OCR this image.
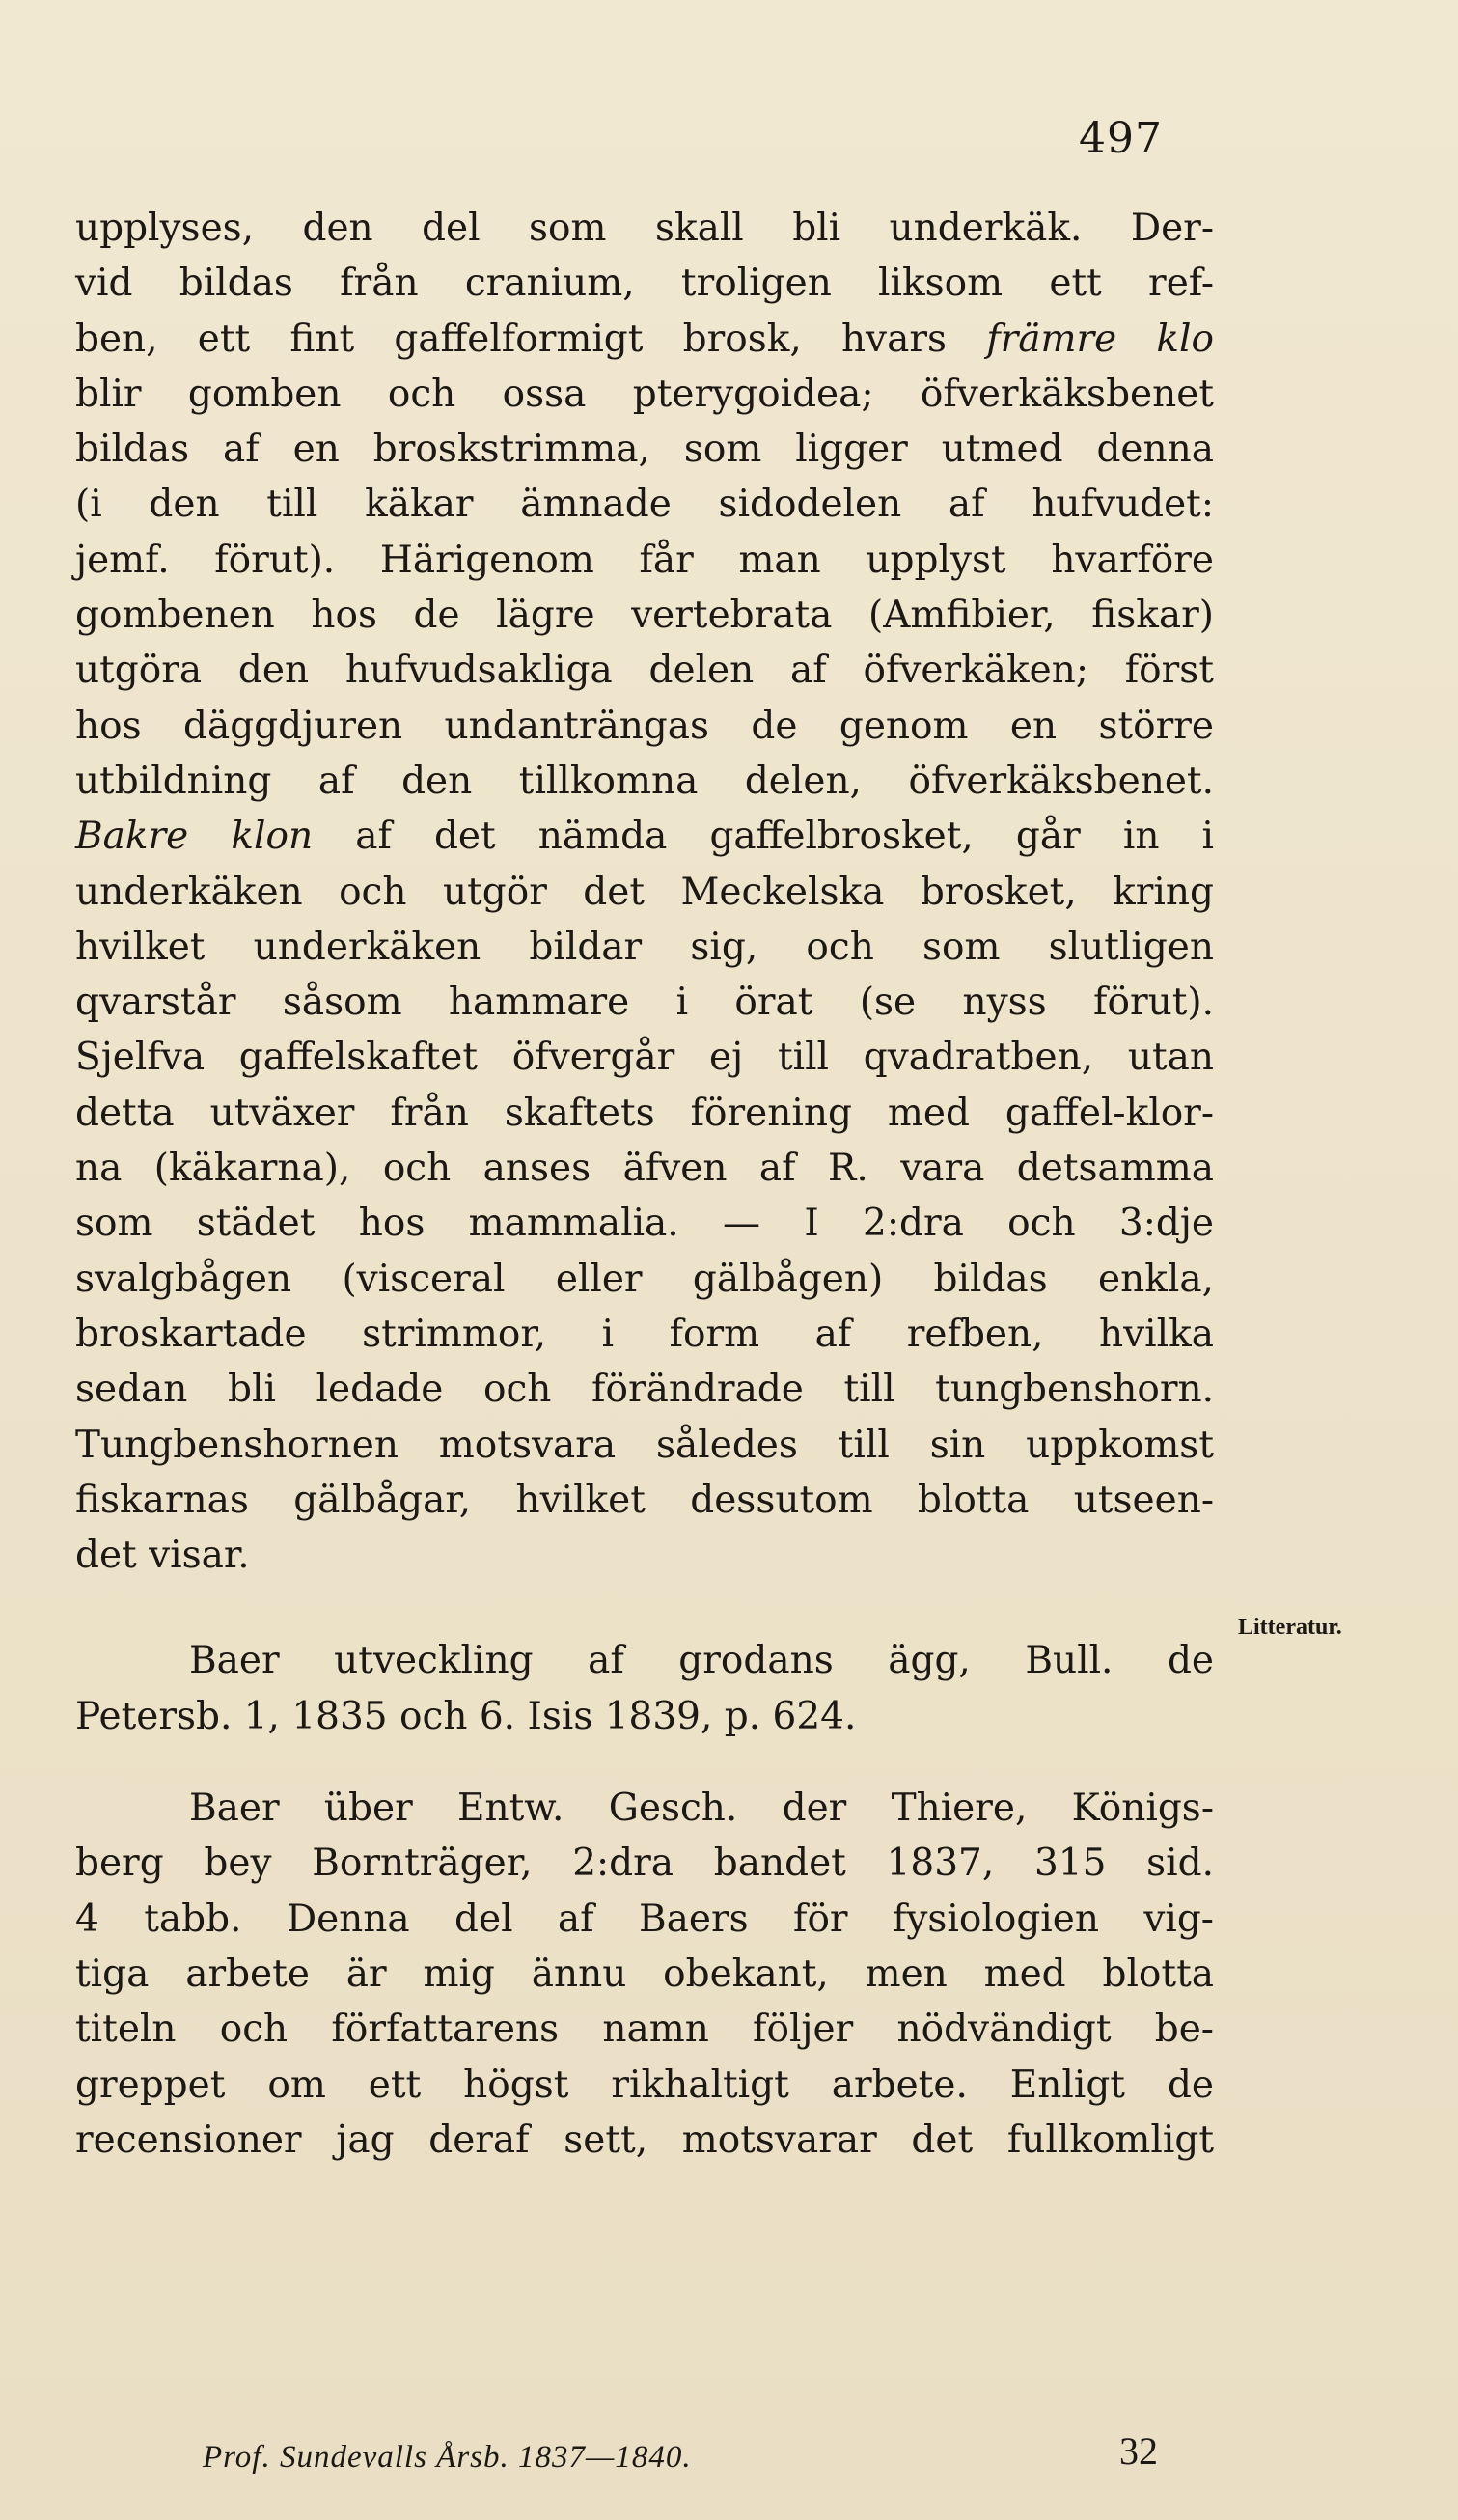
497
upplyses, den del som skall bli underkäk. Der-
vid bildas från cranium, troligen liksom ett ref-
ben, ett fint gaffelformigt brosk, hvars främre klo
blir gomben och ossa pterygoidea; öfverkäksbenet
bildas af en broskstrimma, som ligger utmed denna
(i den till käkar ämnade sidodelen af hufvudet:
jemf. förut). Härigenom får man upplyst hvarföre
gombenen hos de lägre vertebrata (Amfibier, fiskar)
utgöra den hufvudsakliga delen af öfverkäken; först
hos däggdjuren undanträngas de genom en större
utbildning af den tillkomna delen, öfverkäksbenet.
Bakre klon af det nämda gaffelbrosket, går in i
underkäken och utgör det Meckelska brosket, kring
hvilket underkäken bildar sig, och som slutligen
qvarstår såsom hammare i örat (se nyss förut).
Sjelfva gaffelskaftet öfvergår ej till qvadratben, utan
detta utväxer från skaftets förening med gaffel-klor-
na (käkarna), och anses äfven af R. vara detsamma
som städet hos mammalia. — I 2:dra och 3:dje
svalgbågen (visceral eller gälbågen) bildas enkla,
broskartade strimmor, i form af refben, hvilka
sedan bli ledade och förändrade till tungbenshorn.
Tungbenshornen motsvara således till sin uppkomst
fiskarnas gälbågar, hvilket dessutom blotta utseen-
det visar.
Baer utveckling af grodans ägg, Bull. de
Petersb. 1, 1835 och 6. Isis 1839, p. 624.
Baer über Entw. Gesch. der Thiere, Königs-
berg bey Bornträger, 2:dra bandet 1837, 315 sid.
4 tabb. Denna del af Baers för fysiologien vig-
tiga arbete är mig ännu obekant, men med blotta
titeln och författarens namn följer nödvändigt be-
greppet om ett högst rikhaltigt arbete. Enligt de
recensioner jag deraf sett, motsvarar det fullkomligt
Litteratur.
Prof. Sundevalls Årsb. 1837—1840.	32
